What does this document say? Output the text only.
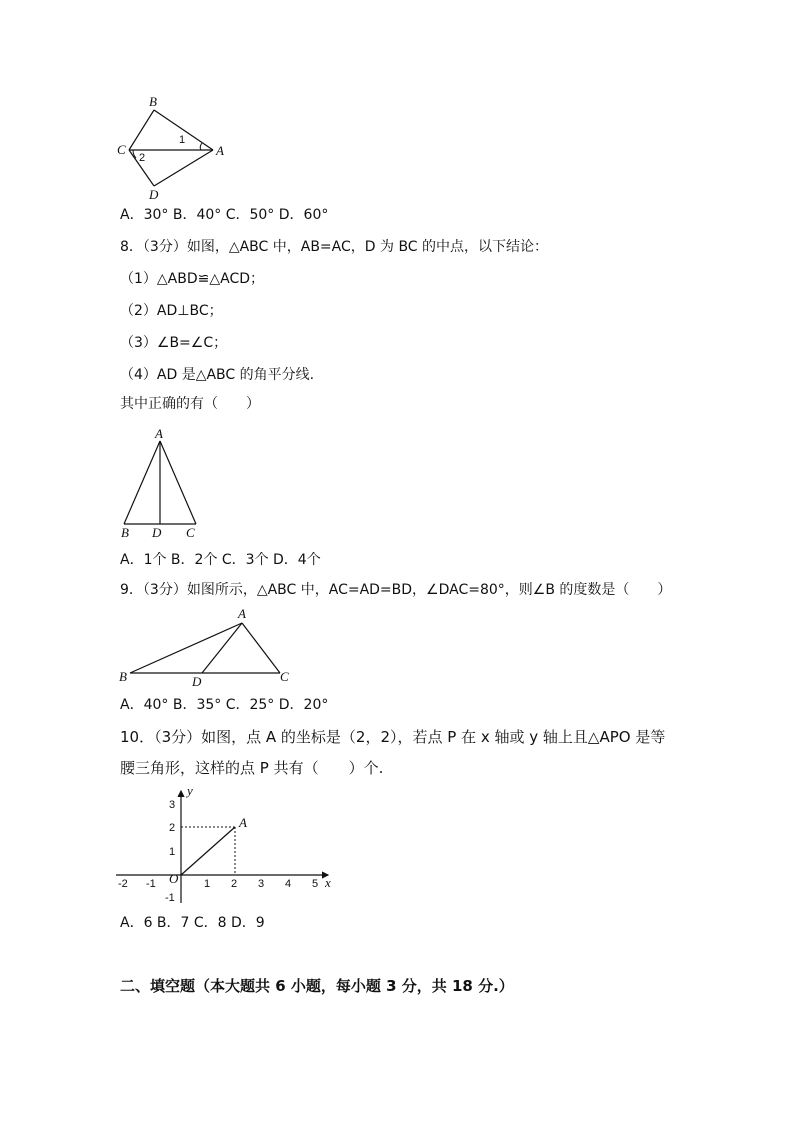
B
C	A
D
1
2
A．30° B．40° C．50° D．60°
8．（3分）如图，△ABC 中，AB=AC，D 为 BC 的中点，以下结论：
（1）△ABD≌△ACD；
（2）AD⊥BC；
（3）∠B=∠C；
（4）AD 是△ABC 的角平分线.
其中正确的有（　　）
A
B D C
A．1个 B．2个 C．3个 D．4个
9．（3分）如图所示，△ABC 中，AC=AD=BD，∠DAC=80°，则∠B 的度数是（　　）
A
B	D	C
A．40° B．35° C．25° D．20°
10．（3分）如图，点 A 的坐标是（2，2），若点 P 在 x 轴或 y 轴上且△APO 是等
腰三角形，这样的点 P 共有（　　）个.
-2 -1	1 2 3 4 5
3
2
1
-1
y
x
O
A
A．6 B．7 C．8 D．9
二、填空题（本大题共 6 小题，每小题 3 分，共 18 分.）
